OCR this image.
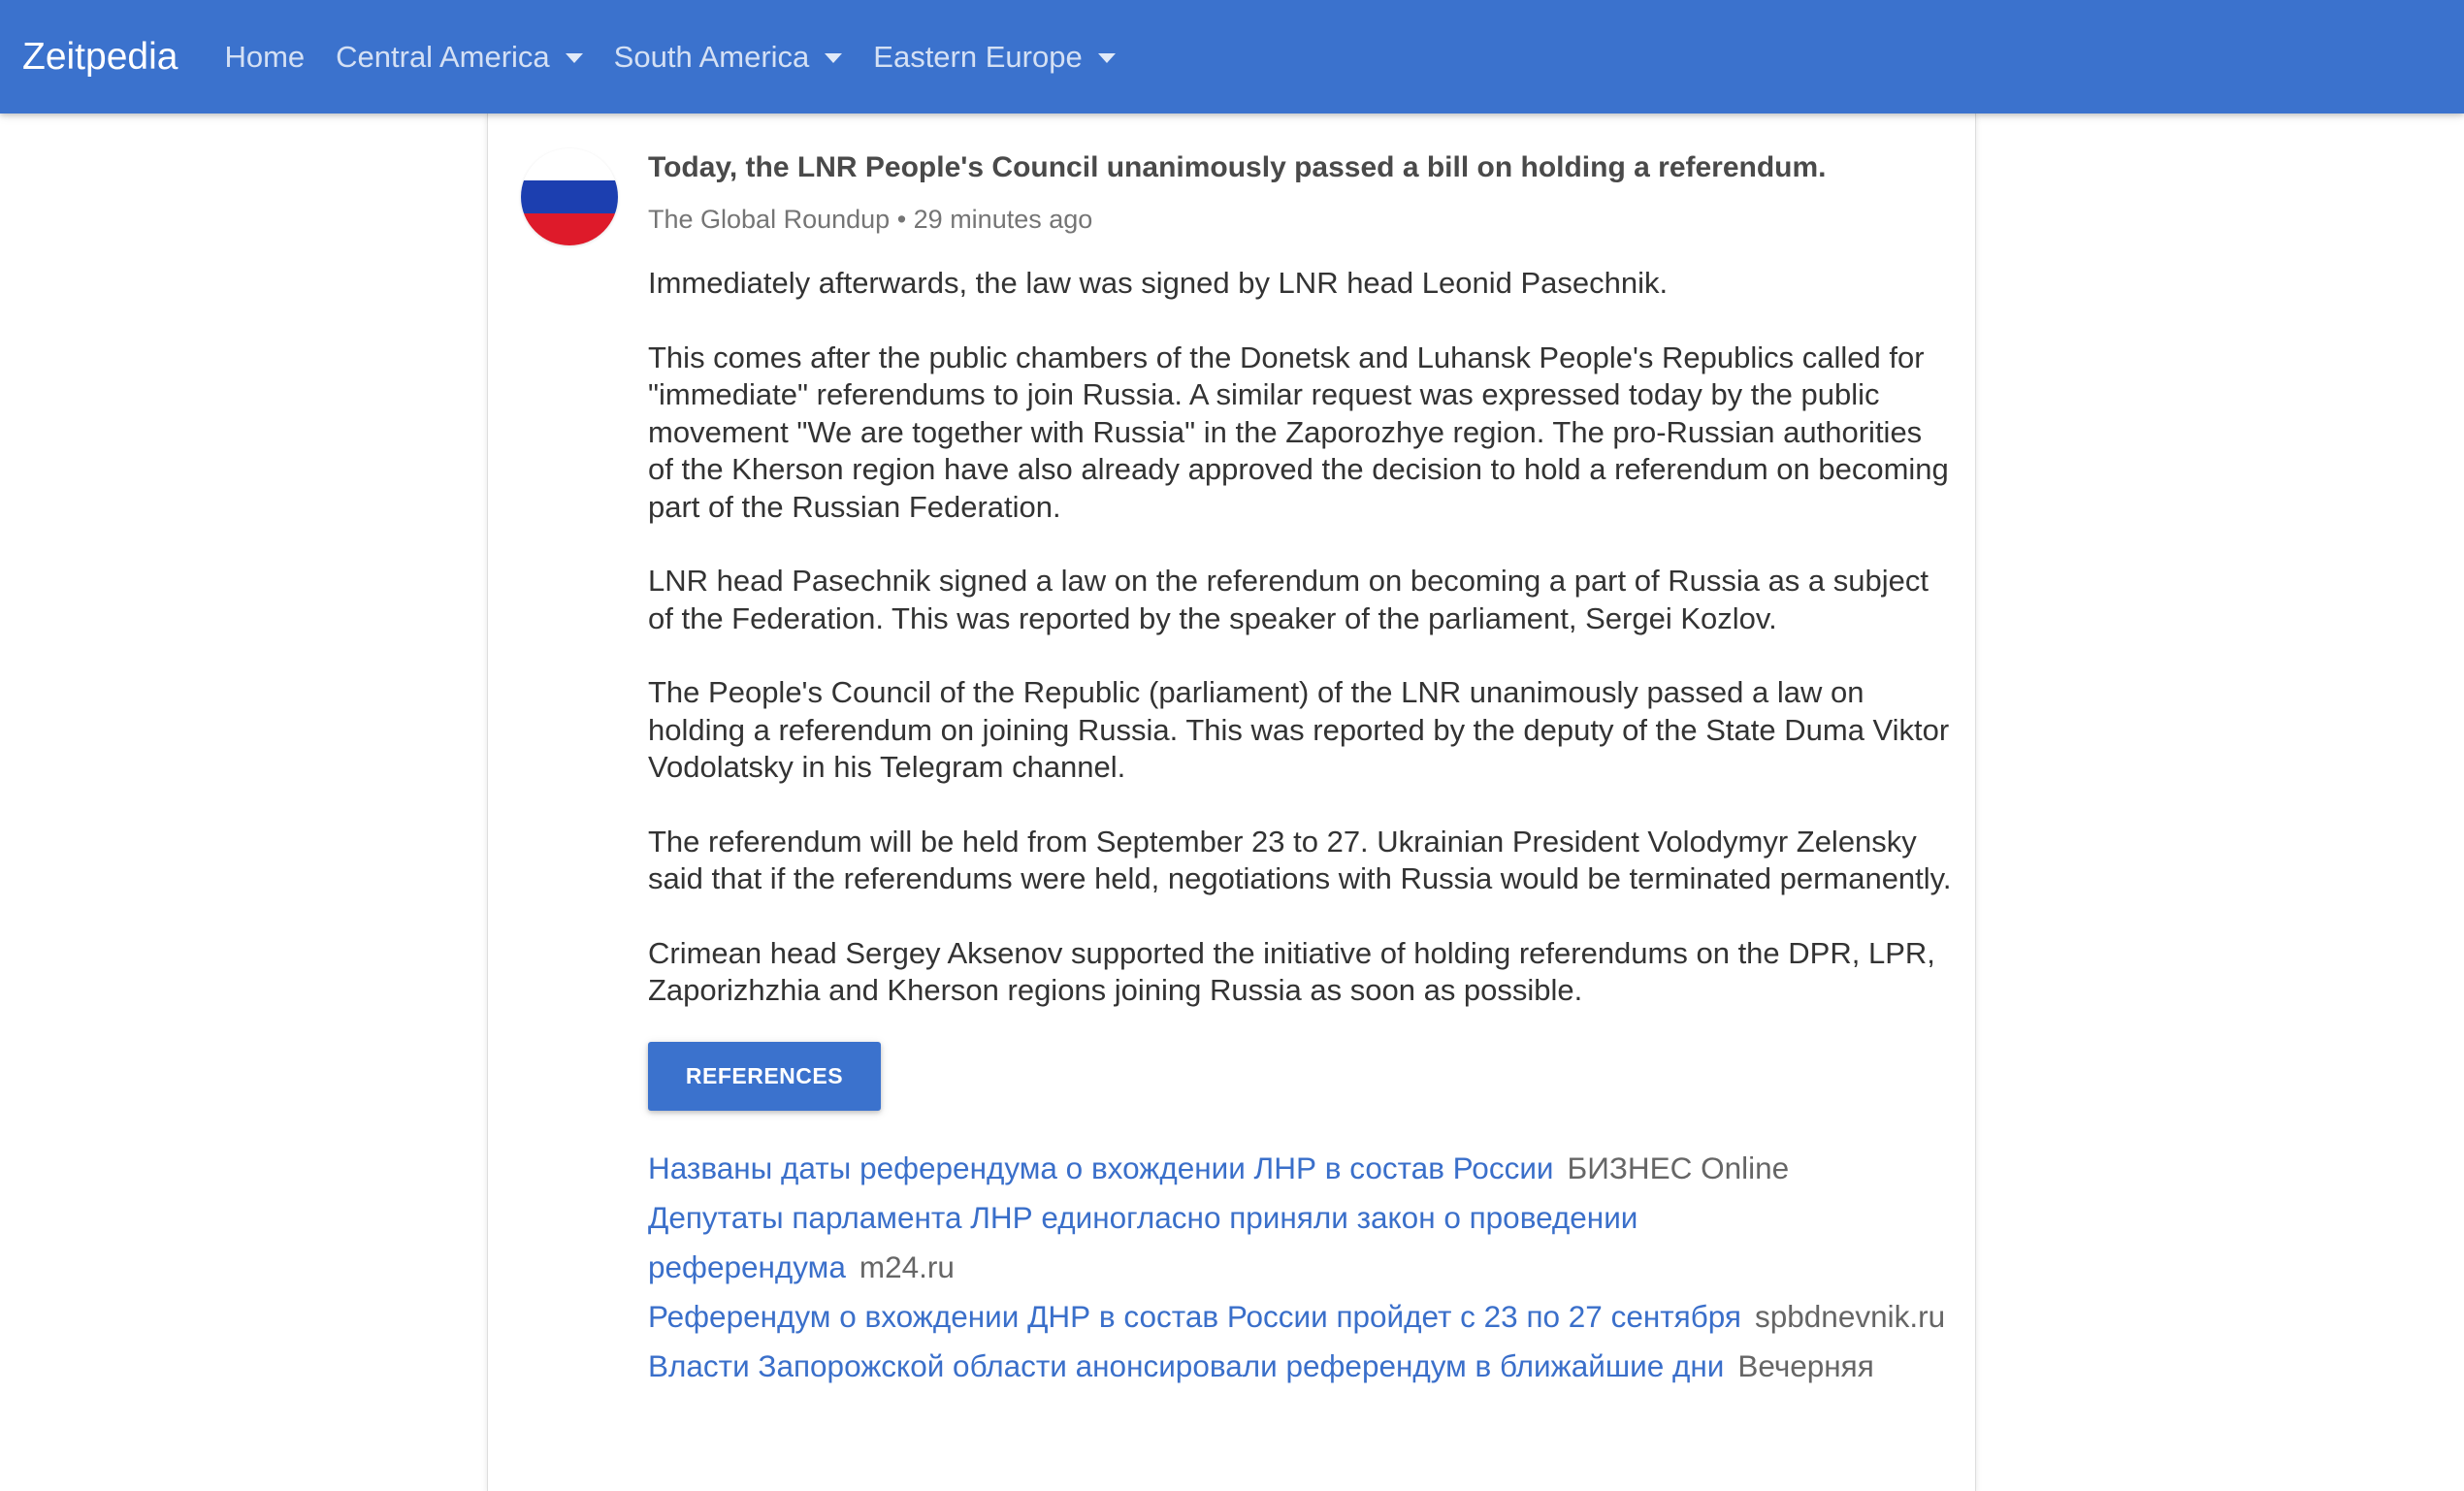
Zeitpedia Home Central America South America Eastern Europe
Today, the LNR People's Council unanimously passed a bill on holding a referendum.
The Global Roundup • 29 minutes ago

Immediately afterwards, the law was signed by LNR head Leonid Pasechnik.

This comes after the public chambers of the Donetsk and Luhansk People's Republics called for "immediate" referendums to join Russia. A similar request was expressed today by the public movement "We are together with Russia" in the Zaporozhye region. The pro-Russian authorities of the Kherson region have also already approved the decision to hold a referendum on becoming part of the Russian Federation.

LNR head Pasechnik signed a law on the referendum on becoming a part of Russia as a subject of the Federation. This was reported by the speaker of the parliament, Sergei Kozlov.

The People's Council of the Republic (parliament) of the LNR unanimously passed a law on holding a referendum on joining Russia. This was reported by the deputy of the State Duma Viktor Vodolatsky in his Telegram channel.

The referendum will be held from September 23 to 27. Ukrainian President Volodymyr Zelensky said that if the referendums were held, negotiations with Russia would be terminated permanently.

Crimean head Sergey Aksenov supported the initiative of holding referendums on the DPR, LPR, Zaporizhzhia and Kherson regions joining Russia as soon as possible.

REFERENCES
Названы даты референдума о вхождении ЛНР в состав России БИЗНЕС Online
Депутаты парламента ЛНР единогласно приняли закон о проведении референдума m24.ru
Референдум о вхождении ДНР в состав России пройдет с 23 по 27 сентября spbdnevnik.ru
Власти Запорожской области анонсировали референдум в ближайшие дни Вечерняя
